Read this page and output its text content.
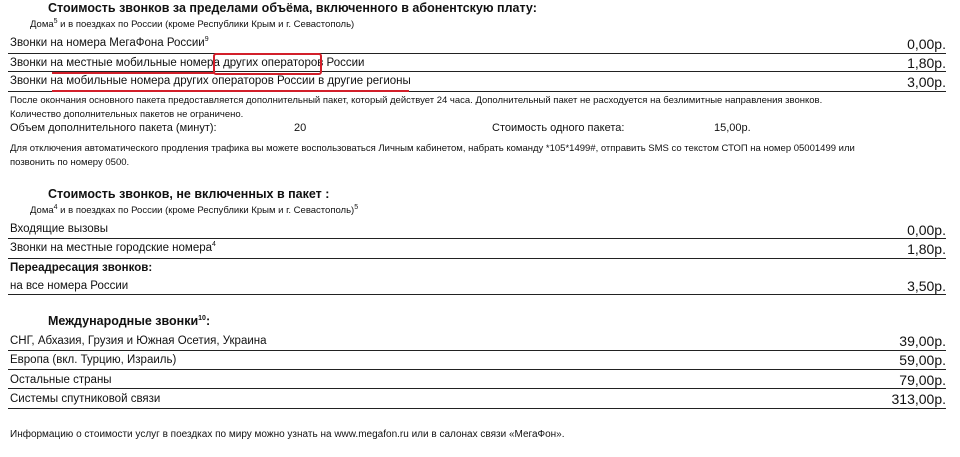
Стоимость звонков за пределами объёма, включенного в абонентскую плату:
Дома$^5$ и в поездках по России (кроме Республики Крым и г. Севастополь)
Звонки на номера МегаФона России$^9$	0,00р.
Звонки на местные мобильные номера других операторов России	1,80р.
Звонки на мобильные номера других операторов России в другие регионы	3,00р.
После окончания основного пакета предоставляется дополнительный пакет, который действует 24 часа. Дополнительный пакет не расходуется на безлимитные направления звонков.
Количество дополнительных пакетов не ограничено.
Объем дополнительного пакета (минут):	20	Стоимость одного пакета:	15,00р.
Для отключения автоматического продления трафика вы можете воспользоваться Личным кабинетом, набрать команду *105*1499#, отправить SMS со текстом СТОП на номер 05001499 или
позвонить по номеру 0500.
Стоимость звонков, не включенных в пакет :
Дома$^4$ и в поездках по России (кроме Республики Крым и г. Севастополь)$^5$
Входящие вызовы	0,00р.
Звонки на местные городские номера$^4$	1,80р.
Переадресация звонков:
на все номера России	3,50р.
Международные звонки$^{10}$:
СНГ, Абхазия, Грузия и Южная Осетия, Украина	39,00р.
Европа (вкл. Турцию, Израиль)	59,00р.
Остальные страны	79,00р.
Системы спутниковой связи	313,00р.
Информацию о стоимости услуг в поездках по миру можно узнать на www.megafon.ru или в салонах связи «МегаФон».
